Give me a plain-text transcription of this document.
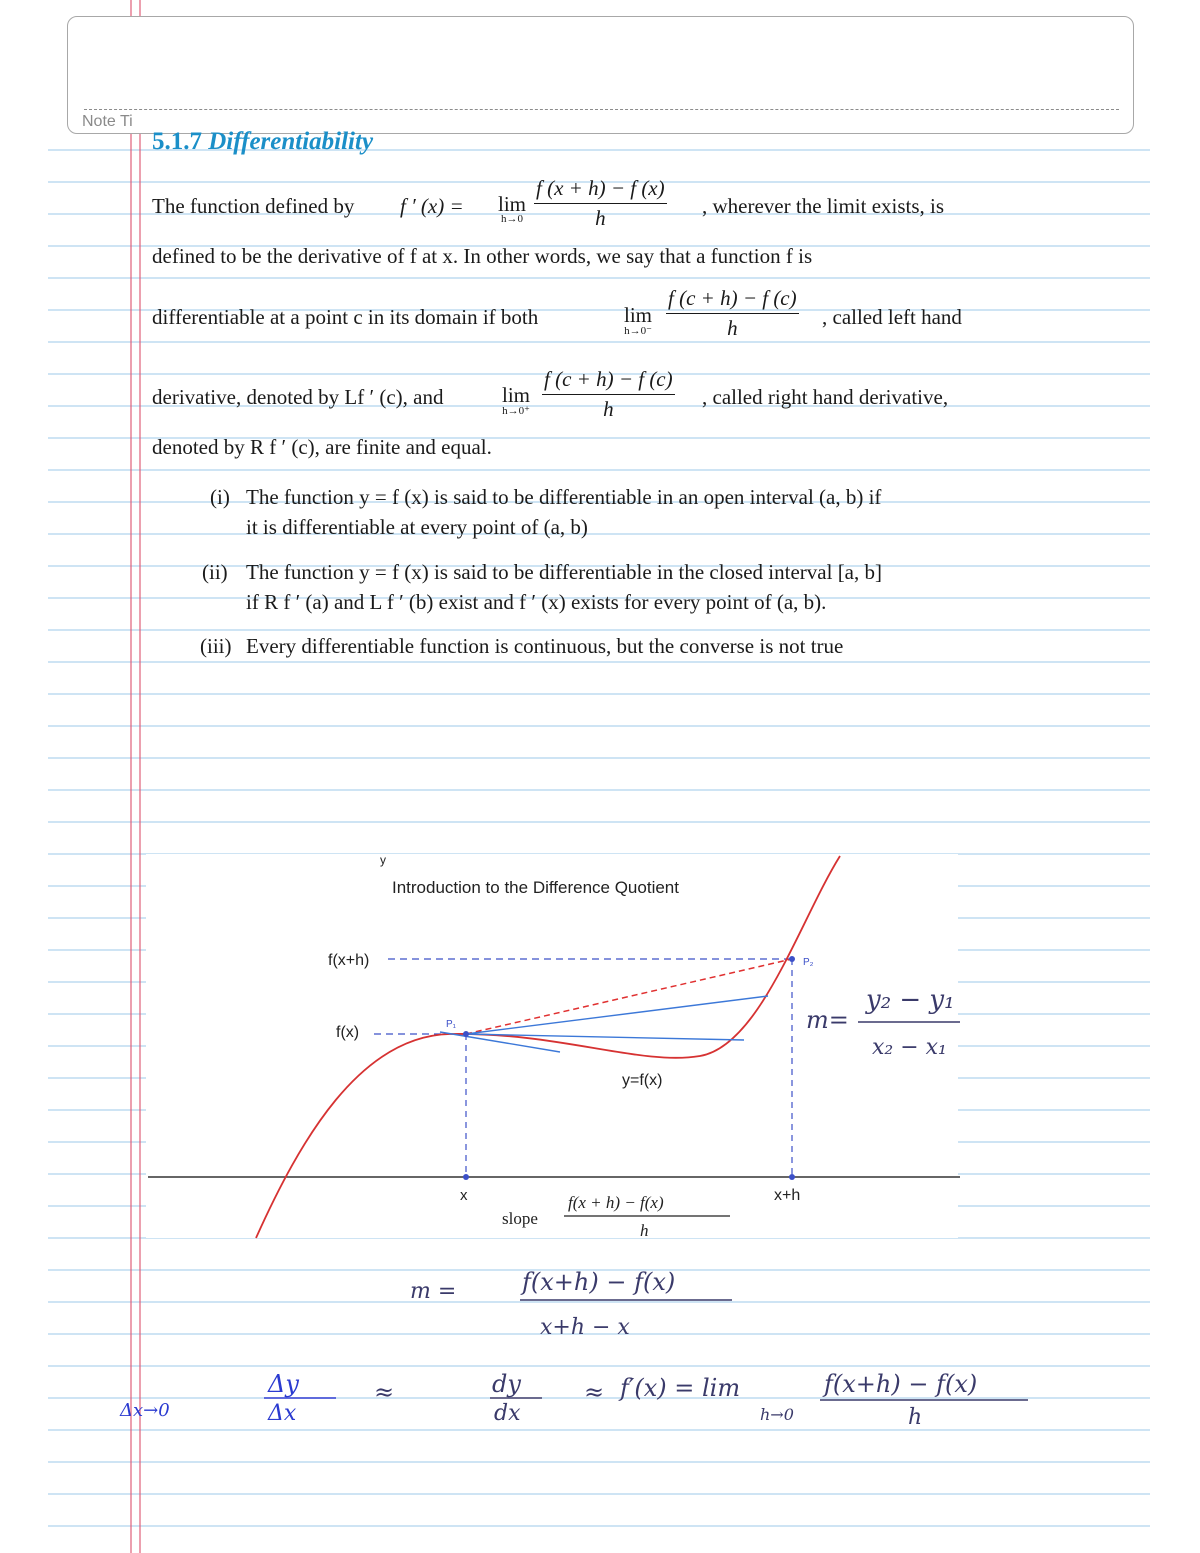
Note Ti
5.1.7 Differentiability
The function defined by f ′ (x) = lim
$h\to 0 \frac{f (x + h) - f (x)}{h}$ , wherever the limit exists, is
defined to be the derivative of f at x. In other words, we say that a function f is
differentiable at a point c in its domain if both	lim
$h\to 0^- \frac{f (c + h) - f (c)}{h}$ , called left hand
derivative, denoted by Lf ′ (c), and	lim
$h\to 0^+ \frac{f (c + h) - f (c)}{h}$ , called right hand derivative,
denoted by R f ′ (c), are finite and equal.
(i) The function y = f (x) is said to be differentiable in an open interval (a, b) if
it is differentiable at every point of (a, b)
(ii) The function y = f (x) is said to be differentiable in the closed interval [a, b]
if R f ′ (a) and L f ′ (b) exist and f ′ (x) exists for every point of (a, b).
(iii) Every differentiable function is continuous, but the converse is not true
y
Introduction to the Difference Quotient
f(x+h)
f(x)	P₁
P₂
y=f(x)
x	x+h
slope
f(x + h) − f(x)
h
m=
y₂ − y₁
x₂ − x₁
m =	f(x+h) − f(x)
x+h − x
Δx→0
Δy
Δx
≈	dy
dx
≈ f′(x) = lim
h→0
f(x+h) − f(x)
h
